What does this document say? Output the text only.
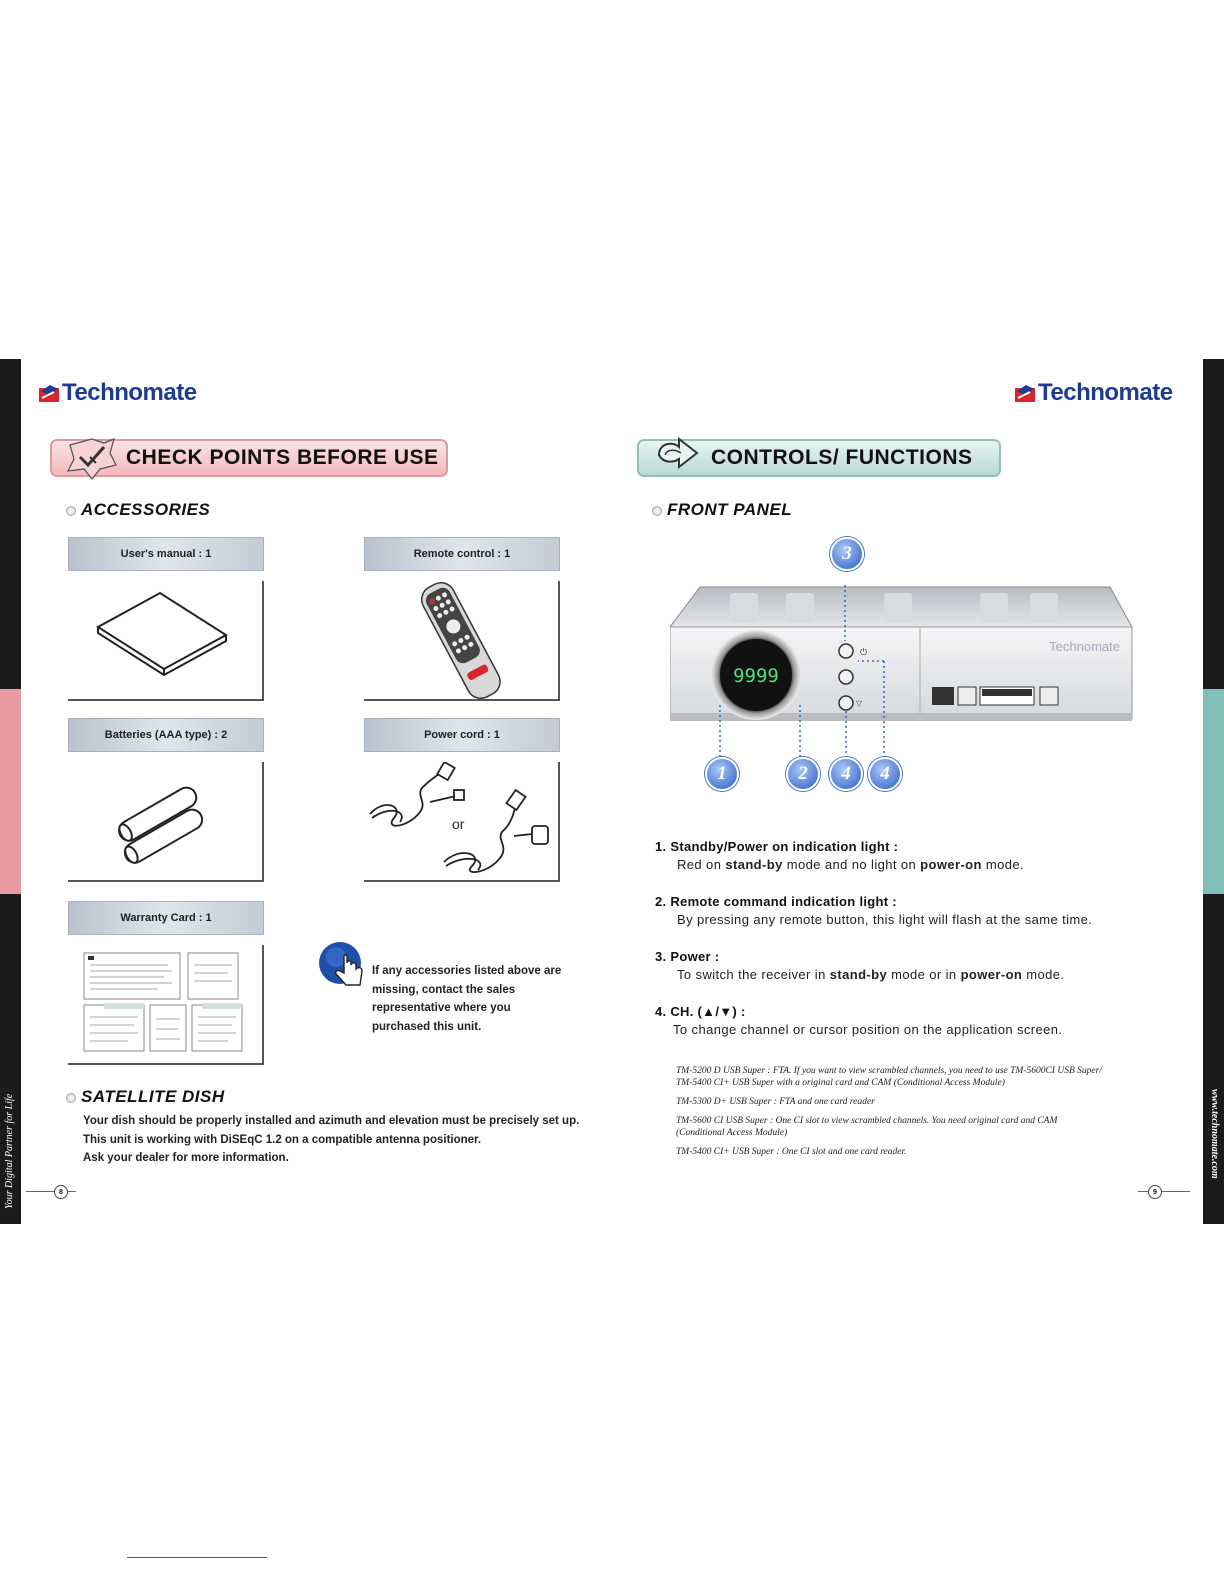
Your Digital Partner for Life	www.technomate.com
Technomate
CHECK POINTS BEFORE USE
ACCESSORIES
User's manual : 1	Remote control : 1
Batteries (AAA type) : 2	Power cord : 1
or
Warranty Card : 1
If any accessories listed above are
missing, contact the sales
representative where you
purchased this unit.
SATELLITE DISH
Your dish should be properly installed and azimuth and elevation must be precisely set up.
This unit is working with DiSEqC 1.2 on a compatible antenna positioner.
Ask your dealer for more information.
8
Technomate
CONTROLS/ FUNCTIONS
FRONT PANEL
9999
⏻
▽
Technomate
3
1	2	4	4
1. Standby/Power on indication light :
Red on stand-by mode and no light on power-on mode.
2. Remote command indication light :
By pressing any remote button, this light will flash at the same time.
3. Power :
To switch the receiver in stand-by mode or in power-on mode.
4. CH. (▲/▼) :
To change channel or cursor position on the application screen.

TM-5200 D USB Super : FTA. If you want to view scrambled channels, you need to use TM-5600CI USB Super/
TM-5400 CI+ USB Super with a original card and CAM (Conditional Access Module)

TM-5300 D+ USB Super : FTA and one card reader

TM-5600 CI USB Super : One CI slot to view scrambled channels. You need original card and CAM
(Conditional Access Module)

TM-5400 CI+ USB Super : One CI slot and one card reader.

9
